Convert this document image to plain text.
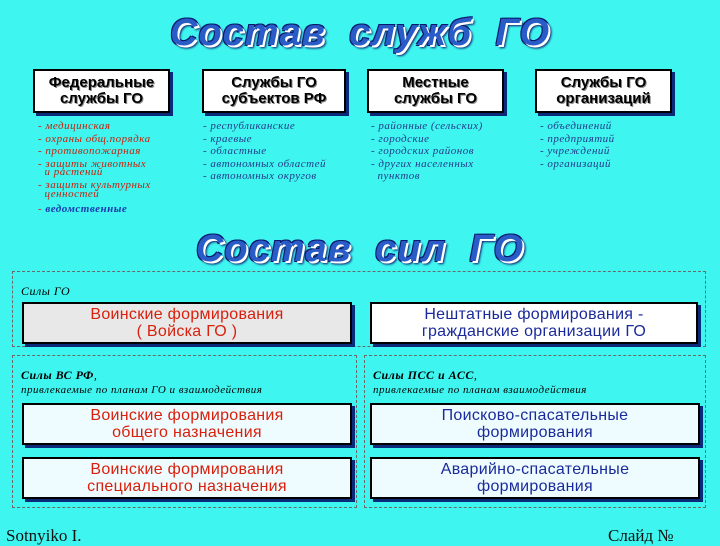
Состав служб ГО
Федеральные
службы ГО
Службы ГО
субъектов РФ
Местные
службы ГО
Службы ГО
организаций
- медицинская
- охраны общ.порядка
- противопожарная
- защиты животных
и растений
- защиты культурных
ценностей
- ведомственные
- республиканские
- краевые
- областные
- автономных областей
- автономных округов
- районные (сельских)
- городские
- городских районов
- других населенных
пунктов
- объединений
- предприятий
- учреждений
- организаций
Состав сил ГО
Силы ГО
Воинские формирования
( Войска ГО )
Нештатные формирования -
гражданские организации ГО
Силы ВС РФ,
привлекаемые по планам ГО и взаимодействия
Воинские формирования
общего назначения
Воинские формирования
специального назначения
Силы ПСС и АСС,
привлекаемые по планам взаимодействия
Поисково-спасательные
формирования
Аварийно-спасательные
формирования
Sotnyiko I.	Слайд №
